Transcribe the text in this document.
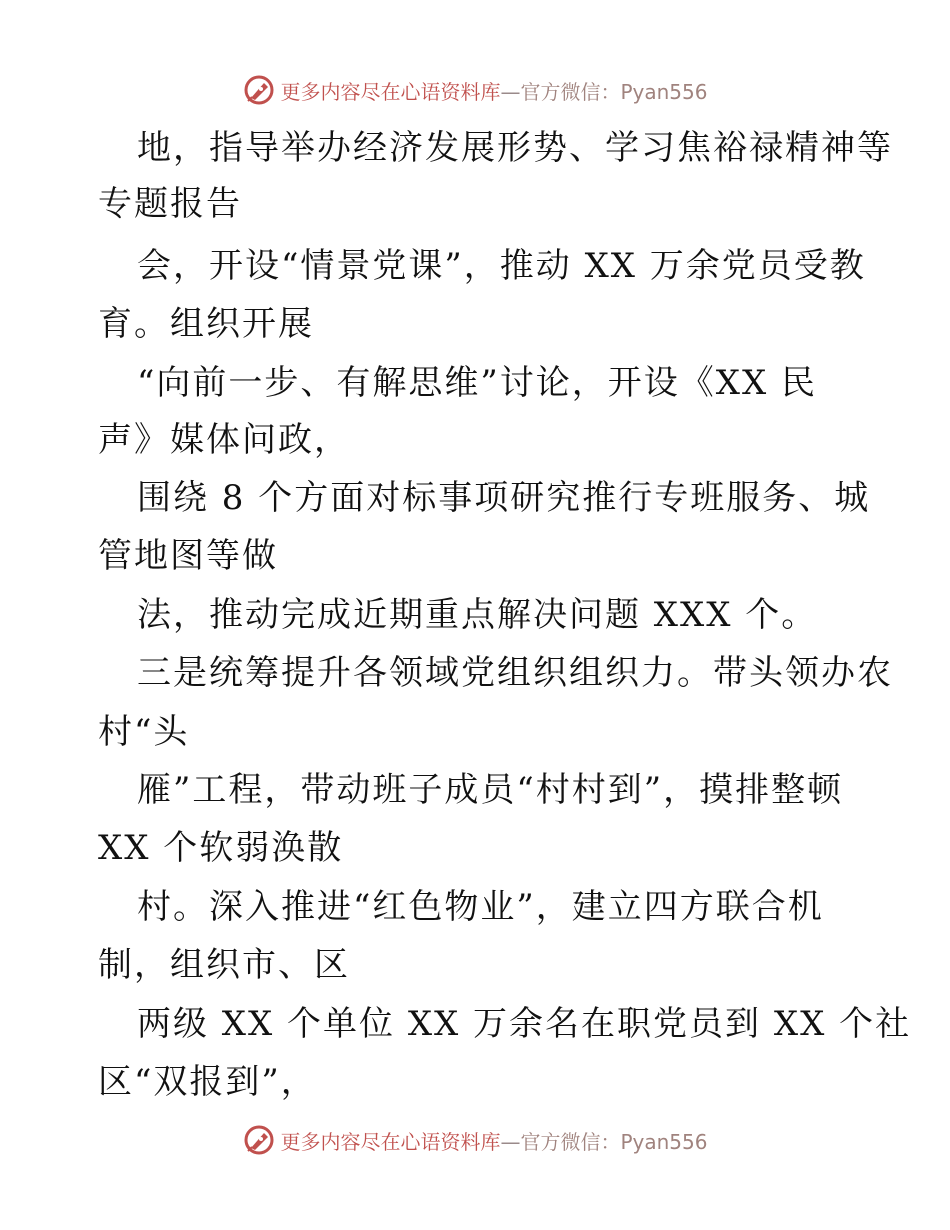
更多内容尽在心语资料库—官方微信：Pyan556
地，指导举办经济发展形势、学习焦裕禄精神等
专题报告
会，开设“情景党课”，推动 XX 万余党员受教
育。组织开展
“向前一步、有解思维”讨论，开设《XX 民
声》媒体问政，
围绕 8 个方面对标事项研究推行专班服务、城
管地图等做
法，推动完成近期重点解决问题 XXX 个。
三是统筹提升各领域党组织组织力。带头领办农
村“头
雁”工程，带动班子成员“村村到”，摸排整顿
XX 个软弱涣散
村。深入推进“红色物业”，建立四方联合机
制，组织市、区
两级 XX 个单位 XX 万余名在职党员到 XX 个社
区“双报到”，
更多内容尽在心语资料库—官方微信：Pyan556
